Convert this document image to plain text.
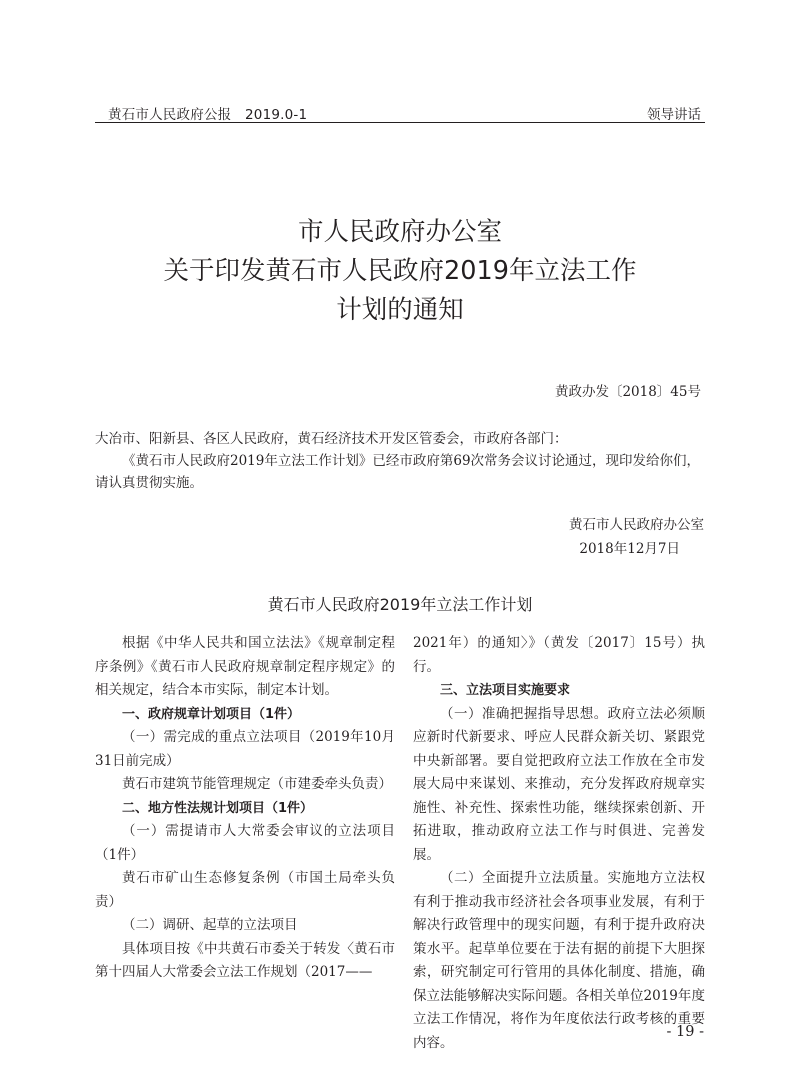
黄石市人民政府公报　2019.0-1	领导讲话
市人民政府办公室
关于印发黄石市人民政府2019年立法工作
计划的通知
黄政办发〔2018〕45号
大冶市、阳新县、各区人民政府，黄石经济技术开发区管委会，市政府各部门：
《黄石市人民政府2019年立法工作计划》已经市政府第69次常务会议讨论通过，现印发给你们，请认真贯彻实施。
黄石市人民政府办公室
2018年12月7日
黄石市人民政府2019年立法工作计划

根据《中华人民共和国立法法》《规章制定程序条例》《黄石市人民政府规章制定程序规定》的相关规定，结合本市实际，制定本计划。

一、政府规章计划项目（1件）

（一）需完成的重点立法项目（2019年10月31日前完成）

黄石市建筑节能管理规定（市建委牵头负责）

二、地方性法规计划项目（1件）

（一）需提请市人大常委会审议的立法项目（1件）

黄石市矿山生态修复条例（市国土局牵头负责）

（二）调研、起草的立法项目

具体项目按《中共黄石市委关于转发〈黄石市第十四届人大常委会立法工作规划（2017——

2021年）的通知〉》（黄发〔2017〕15号）执行。

三、立法项目实施要求

（一）准确把握指导思想。政府立法必须顺应新时代新要求、呼应人民群众新关切、紧跟党中央新部署。要自觉把政府立法工作放在全市发展大局中来谋划、来推动，充分发挥政府规章实施性、补充性、探索性功能，继续探索创新、开拓进取，推动政府立法工作与时俱进、完善发展。

（二）全面提升立法质量。实施地方立法权有利于推动我市经济社会各项事业发展，有利于解决行政管理中的现实问题，有利于提升政府决策水平。起草单位要在于法有据的前提下大胆探索，研究制定可行管用的具体化制度、措施，确保立法能够解决实际问题。各相关单位2019年度立法工作情况，将作为年度依法行政考核的重要内容。

- 19 -
